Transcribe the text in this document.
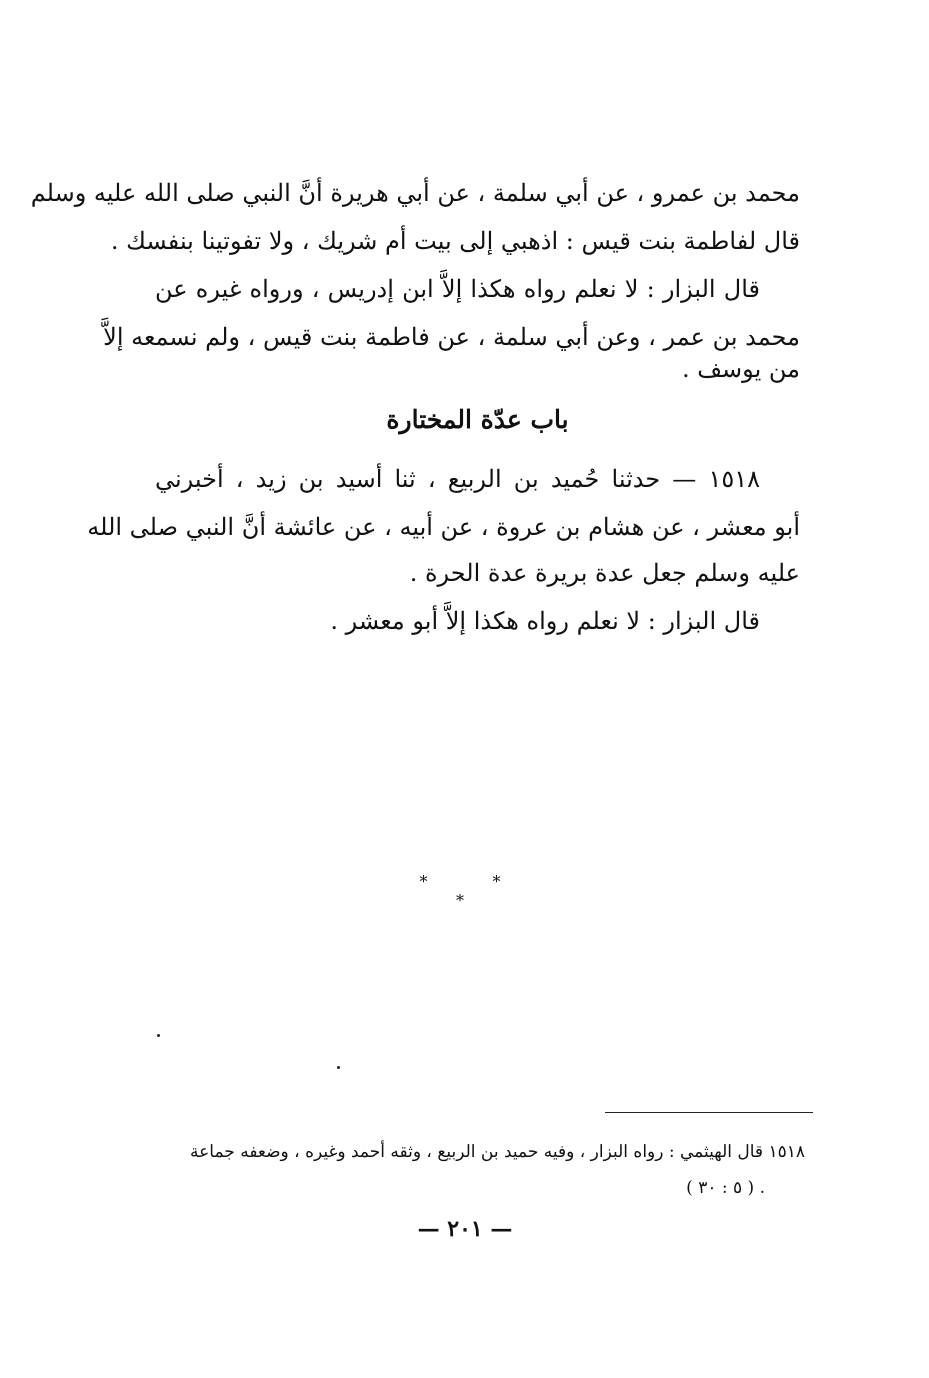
محمد بن عمرو ، عن أبي سلمة ، عن أبي هريرة أنَّ النبي صلى الله عليه وسلم
قال لفاطمة بنت قيس : اذهبي إلى بيت أم شريك ، ولا تفوتينا بنفسك .
قال البزار : لا نعلم رواه هكذا إلاَّ ابن إدريس ، ورواه غيره عن
محمد بن عمر ، وعن أبي سلمة ، عن فاطمة بنت قيس ، ولم نسمعه إلاَّ
من يوسف .
باب عدّة المختارة
١٥١٨ — حدثنا حُميد بن الربيع ، ثنا أسيد بن زيد ، أخبرني
أبو معشر ، عن هشام بن عروة ، عن أبيه ، عن عائشة أنَّ النبي صلى الله
عليه وسلم جعل عدة بريرة عدة الحرة .
قال البزار : لا نعلم رواه هكذا إلاَّ أبو معشر .
* * *
١٥١٨ قال الهيثمي : رواه البزار ، وفيه حميد بن الربيع ، وثقه أحمد وغيره ، وضعفه جماعة
. ( ٥ : ٣٠ )
— ٢٠١ —
